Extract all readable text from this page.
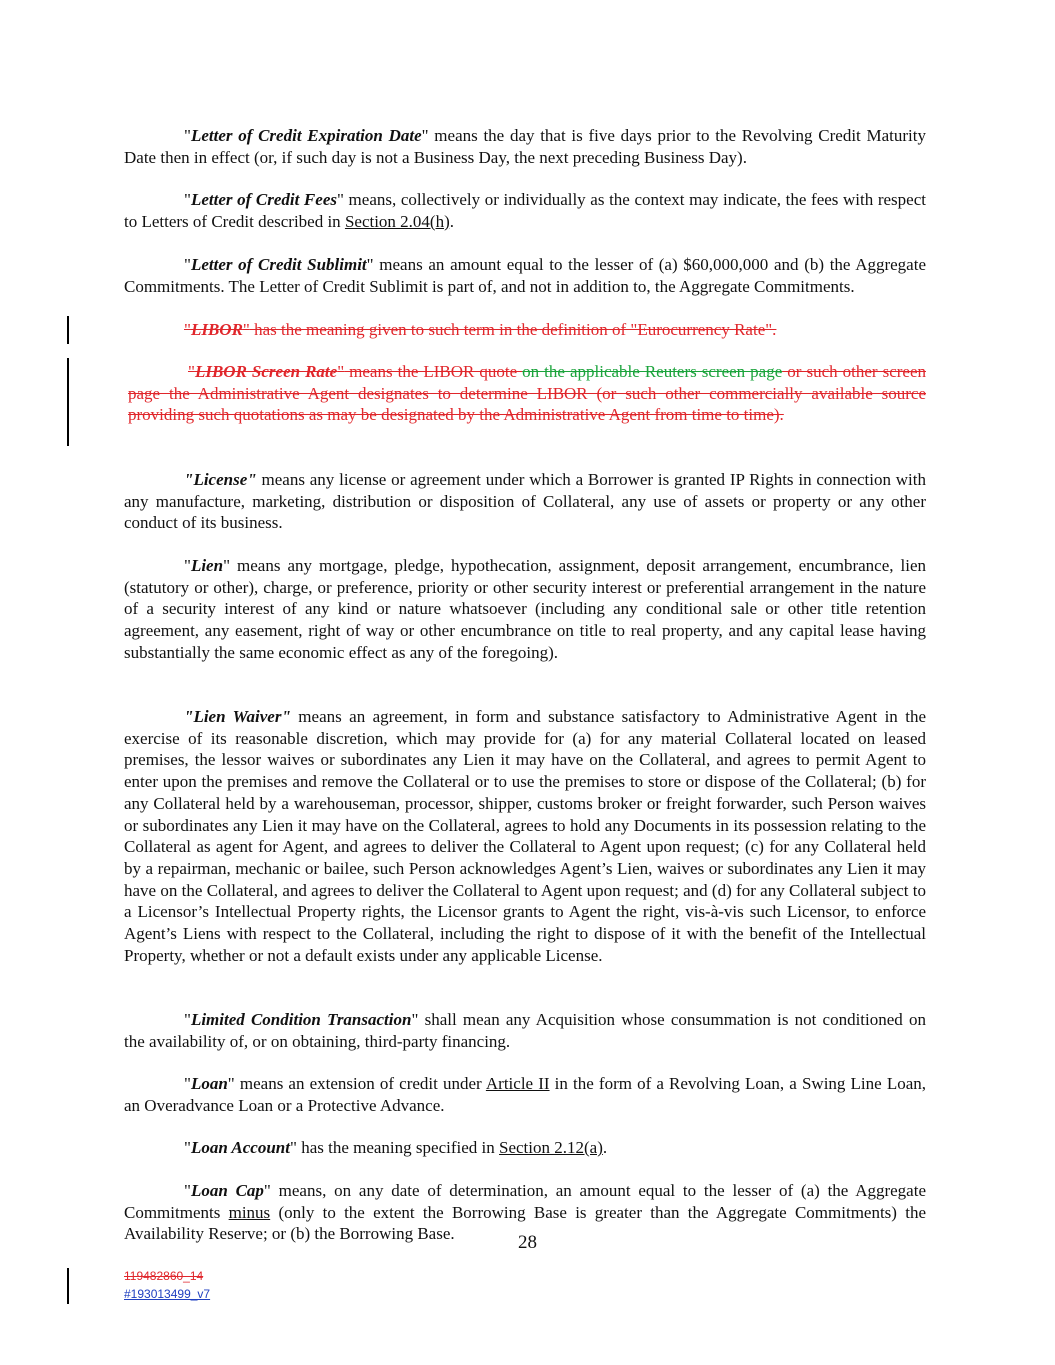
"Letter of Credit Expiration Date" means the day that is five days prior to the Revolving Credit Maturity Date then in effect (or, if such day is not a Business Day, the next preceding Business Day).

"Letter of Credit Fees" means, collectively or individually as the context may indicate, the fees with respect to Letters of Credit described in Section 2.04(h).

"Letter of Credit Sublimit" means an amount equal to the lesser of (a) $60,000,000 and (b) the Aggregate Commitments. The Letter of Credit Sublimit is part of, and not in addition to, the Aggregate Commitments.

"LIBOR" has the meaning given to such term in the definition of "Eurocurrency Rate".

"LIBOR Screen Rate" means the LIBOR quote on the applicable Reuters screen page or such other screen page the Administrative Agent designates to determine LIBOR (or such other commercially available source providing such quotations as may be designated by the Administrative Agent from time to time).

"License" means any license or agreement under which a Borrower is granted IP Rights in connection with any manufacture, marketing, distribution or disposition of Collateral, any use of assets or property or any other conduct of its business.

"Lien" means any mortgage, pledge, hypothecation, assignment, deposit arrangement, encumbrance, lien (statutory or other), charge, or preference, priority or other security interest or preferential arrangement in the nature of a security interest of any kind or nature whatsoever (including any conditional sale or other title retention agreement, any easement, right of way or other encumbrance on title to real property, and any capital lease having substantially the same economic effect as any of the foregoing).

"Lien Waiver" means an agreement, in form and substance satisfactory to Administrative Agent in the exercise of its reasonable discretion, which may provide for (a) for any material Collateral located on leased premises, the lessor waives or subordinates any Lien it may have on the Collateral, and agrees to permit Agent to enter upon the premises and remove the Collateral or to use the premises to store or dispose of the Collateral; (b) for any Collateral held by a warehouseman, processor, shipper, customs broker or freight forwarder, such Person waives or subordinates any Lien it may have on the Collateral, agrees to hold any Documents in its possession relating to the Collateral as agent for Agent, and agrees to deliver the Collateral to Agent upon request; (c) for any Collateral held by a repairman, mechanic or bailee, such Person acknowledges Agent’s Lien, waives or subordinates any Lien it may have on the Collateral, and agrees to deliver the Collateral to Agent upon request; and (d) for any Collateral subject to a Licensor’s Intellectual Property rights, the Licensor grants to Agent the right, vis-à-vis such Licensor, to enforce Agent’s Liens with respect to the Collateral, including the right to dispose of it with the benefit of the Intellectual Property, whether or not a default exists under any applicable License.

"Limited Condition Transaction" shall mean any Acquisition whose consummation is not conditioned on the availability of, or on obtaining, third-party financing.

"Loan" means an extension of credit under Article II in the form of a Revolving Loan, a Swing Line Loan, an Overadvance Loan or a Protective Advance.

"Loan Account" has the meaning specified in Section 2.12(a).

"Loan Cap" means, on any date of determination, an amount equal to the lesser of (a) the Aggregate Commitments minus (only to the extent the Borrowing Base is greater than the Aggregate Commitments) the Availability Reserve; or (b) the Borrowing Base.	28
119482860_14
#193013499_v7
